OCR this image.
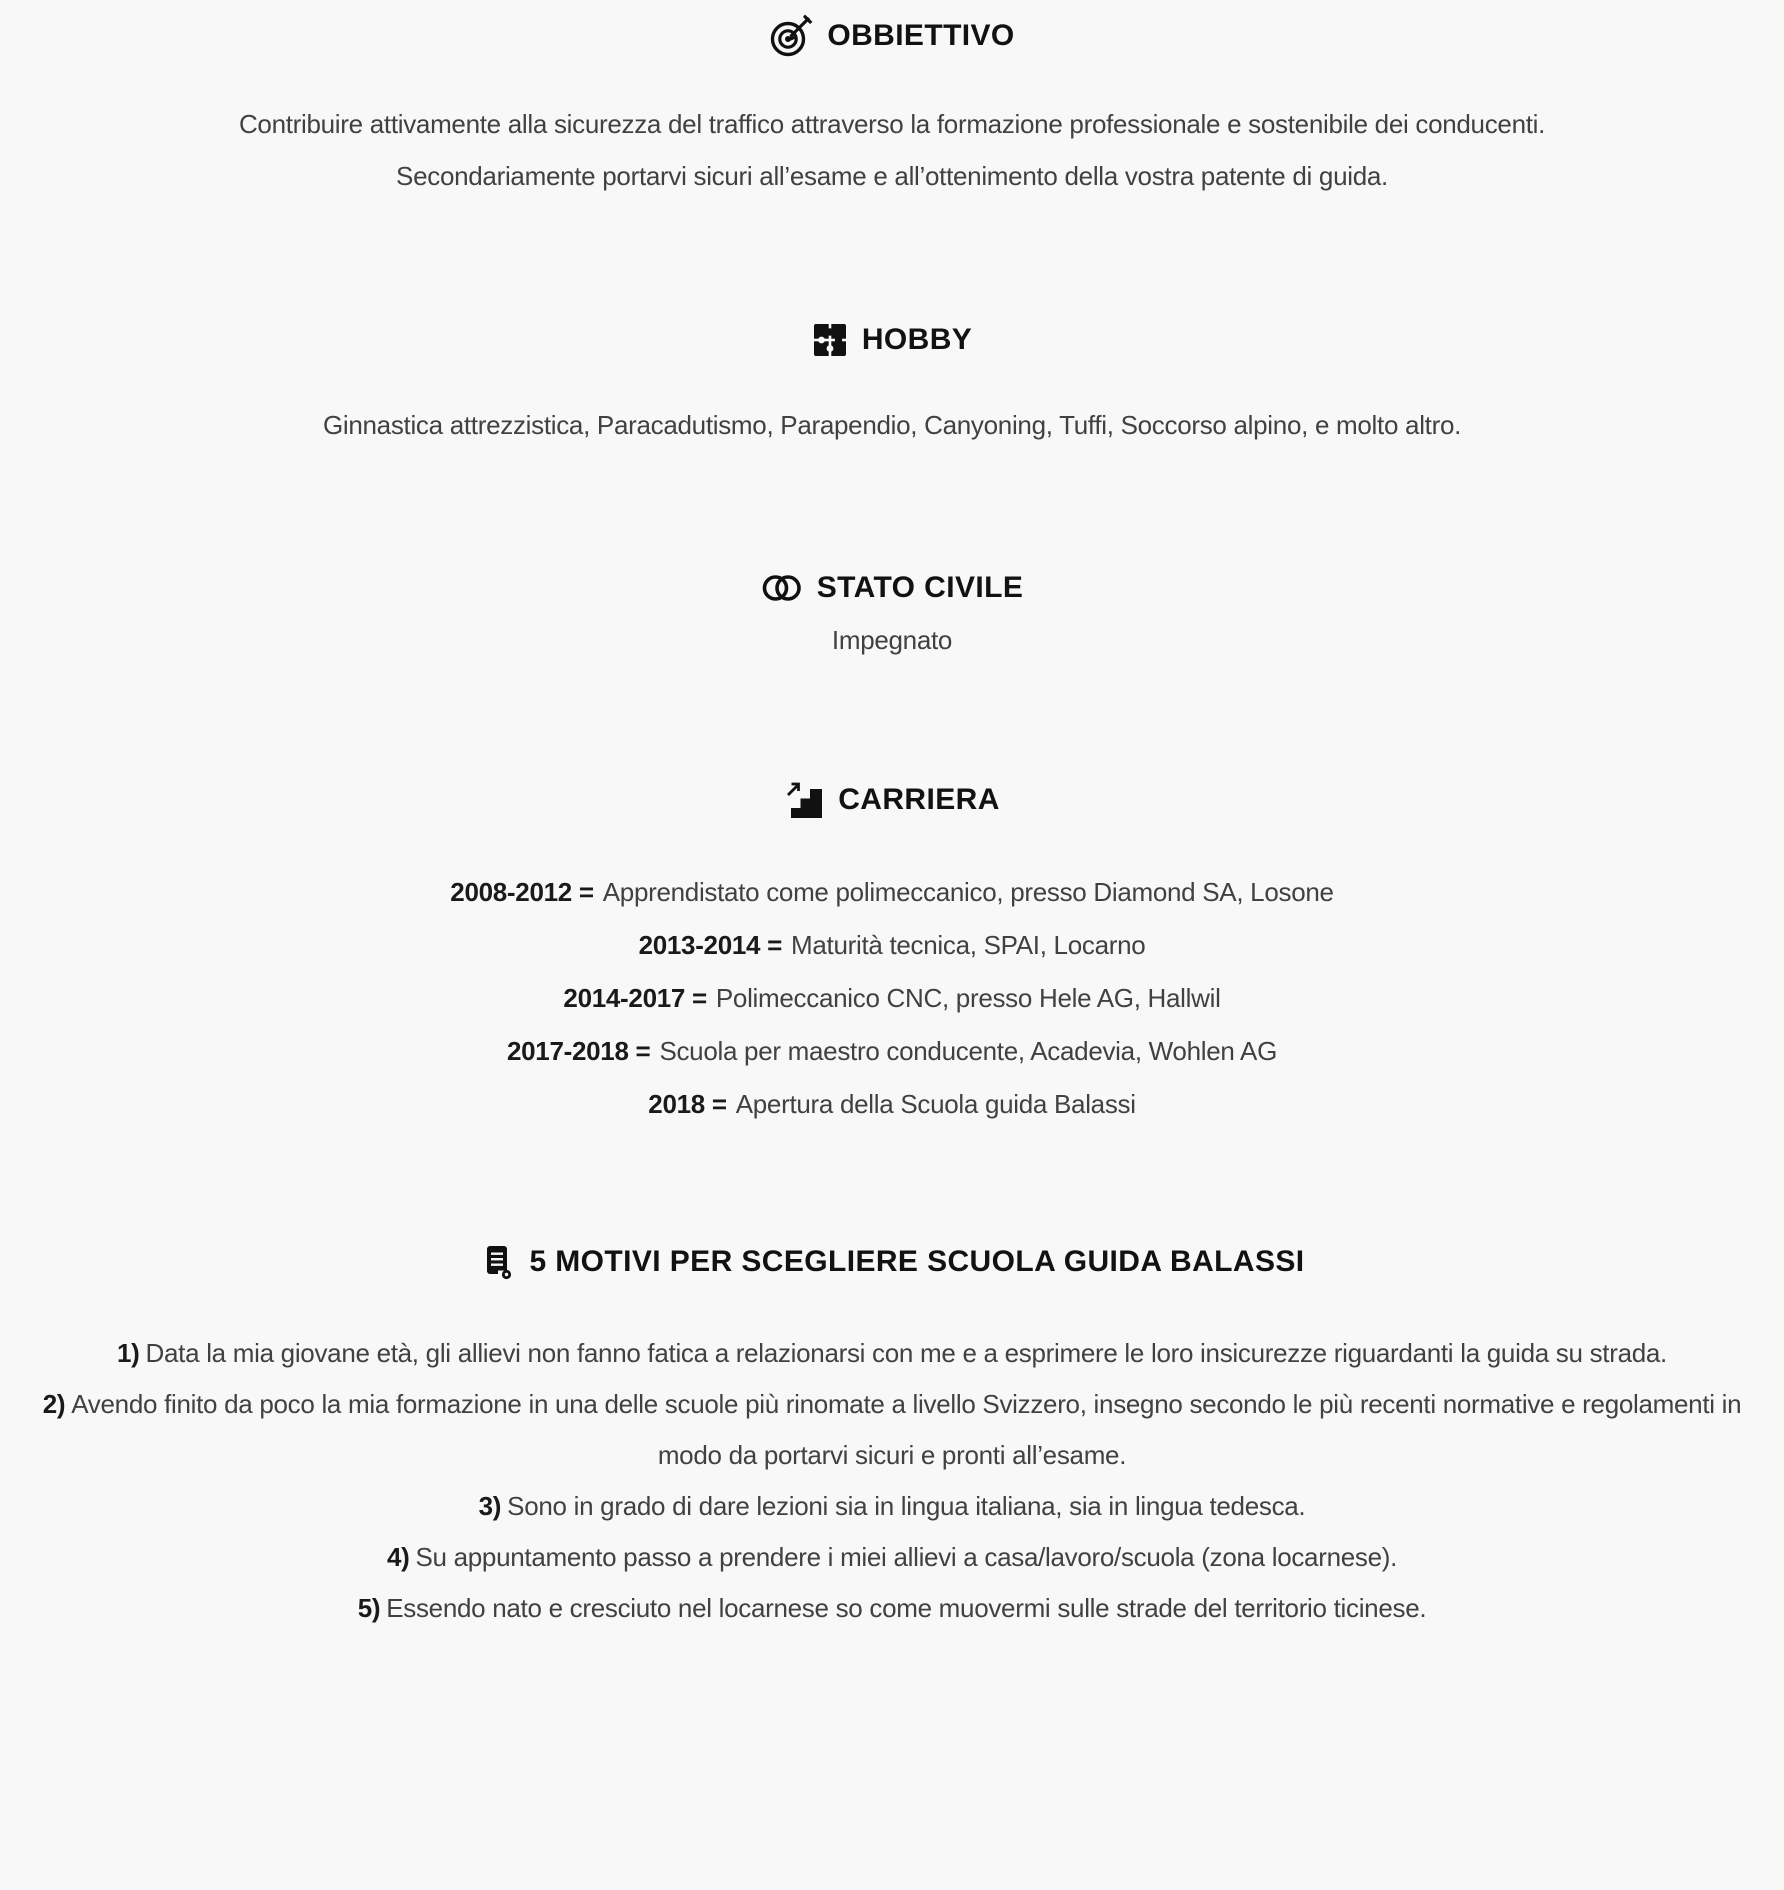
OBBIETTIVO
Contribuire attivamente alla sicurezza del traffico attraverso la formazione professionale e sostenibile dei conducenti.
Secondariamente portarvi sicuri all’esame e all’ottenimento della vostra patente di guida.
HOBBY
Ginnastica attrezzistica, Paracadutismo, Parapendio, Canyoning, Tuffi, Soccorso alpino, e molto altro.
STATO CIVILE
Impegnato
CARRIERA
2008-2012 = Apprendistato come polimeccanico, presso Diamond SA, Losone
2013-2014 = Maturità tecnica, SPAI, Locarno
2014-2017 = Polimeccanico CNC, presso Hele AG, Hallwil
2017-2018 = Scuola per maestro conducente, Acadevia, Wohlen AG
2018 = Apertura della Scuola guida Balassi
5 MOTIVI PER SCEGLIERE SCUOLA GUIDA BALASSI
1) Data la mia giovane età, gli allievi non fanno fatica a relazionarsi con me e a esprimere le loro insicurezze riguardanti la guida su strada.
2) Avendo finito da poco la mia formazione in una delle scuole più rinomate a livello Svizzero, insegno secondo le più recenti normative e regolamenti in modo da portarvi sicuri e pronti all’esame.
3) Sono in grado di dare lezioni sia in lingua italiana, sia in lingua tedesca.
4) Su appuntamento passo a prendere i miei allievi a casa/lavoro/scuola (zona locarnese).
5) Essendo nato e cresciuto nel locarnese so come muovermi sulle strade del territorio ticinese.
